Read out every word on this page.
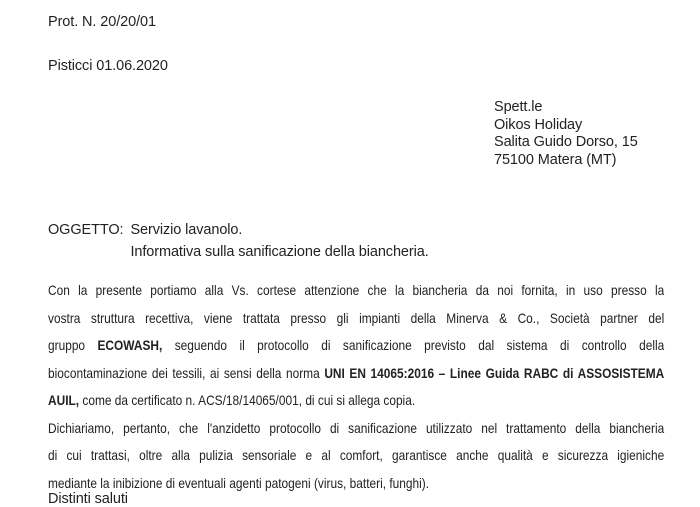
Prot. N. 20/20/01
Pisticci 01.06.2020
Spett.le
Oikos Holiday
Salita Guido Dorso, 15
75100 Matera (MT)
OGGETTO: Servizio lavanolo.
Informativa sulla sanificazione della biancheria.
Con la presente portiamo alla Vs. cortese attenzione che la biancheria da noi fornita, in uso presso la
vostra struttura recettiva, viene trattata presso gli impianti della Minerva & Co., Società partner del
gruppo ECOWASH, seguendo il protocollo di sanificazione previsto dal sistema di controllo della
biocontaminazione dei tessili, ai sensi della norma UNI EN 14065:2016 – Linee Guida RABC di ASSOSISTEMA
AUIL, come da certificato n. ACS/18/14065/001, di cui si allega copia.
Dichiariamo, pertanto, che l'anzidetto protocollo di sanificazione utilizzato nel trattamento della biancheria
di cui trattasi, oltre alla pulizia sensoriale e al comfort, garantisce anche qualità e sicurezza igieniche
mediante la inibizione di eventuali agenti patogeni (virus, batteri, funghi).
Distinti saluti
